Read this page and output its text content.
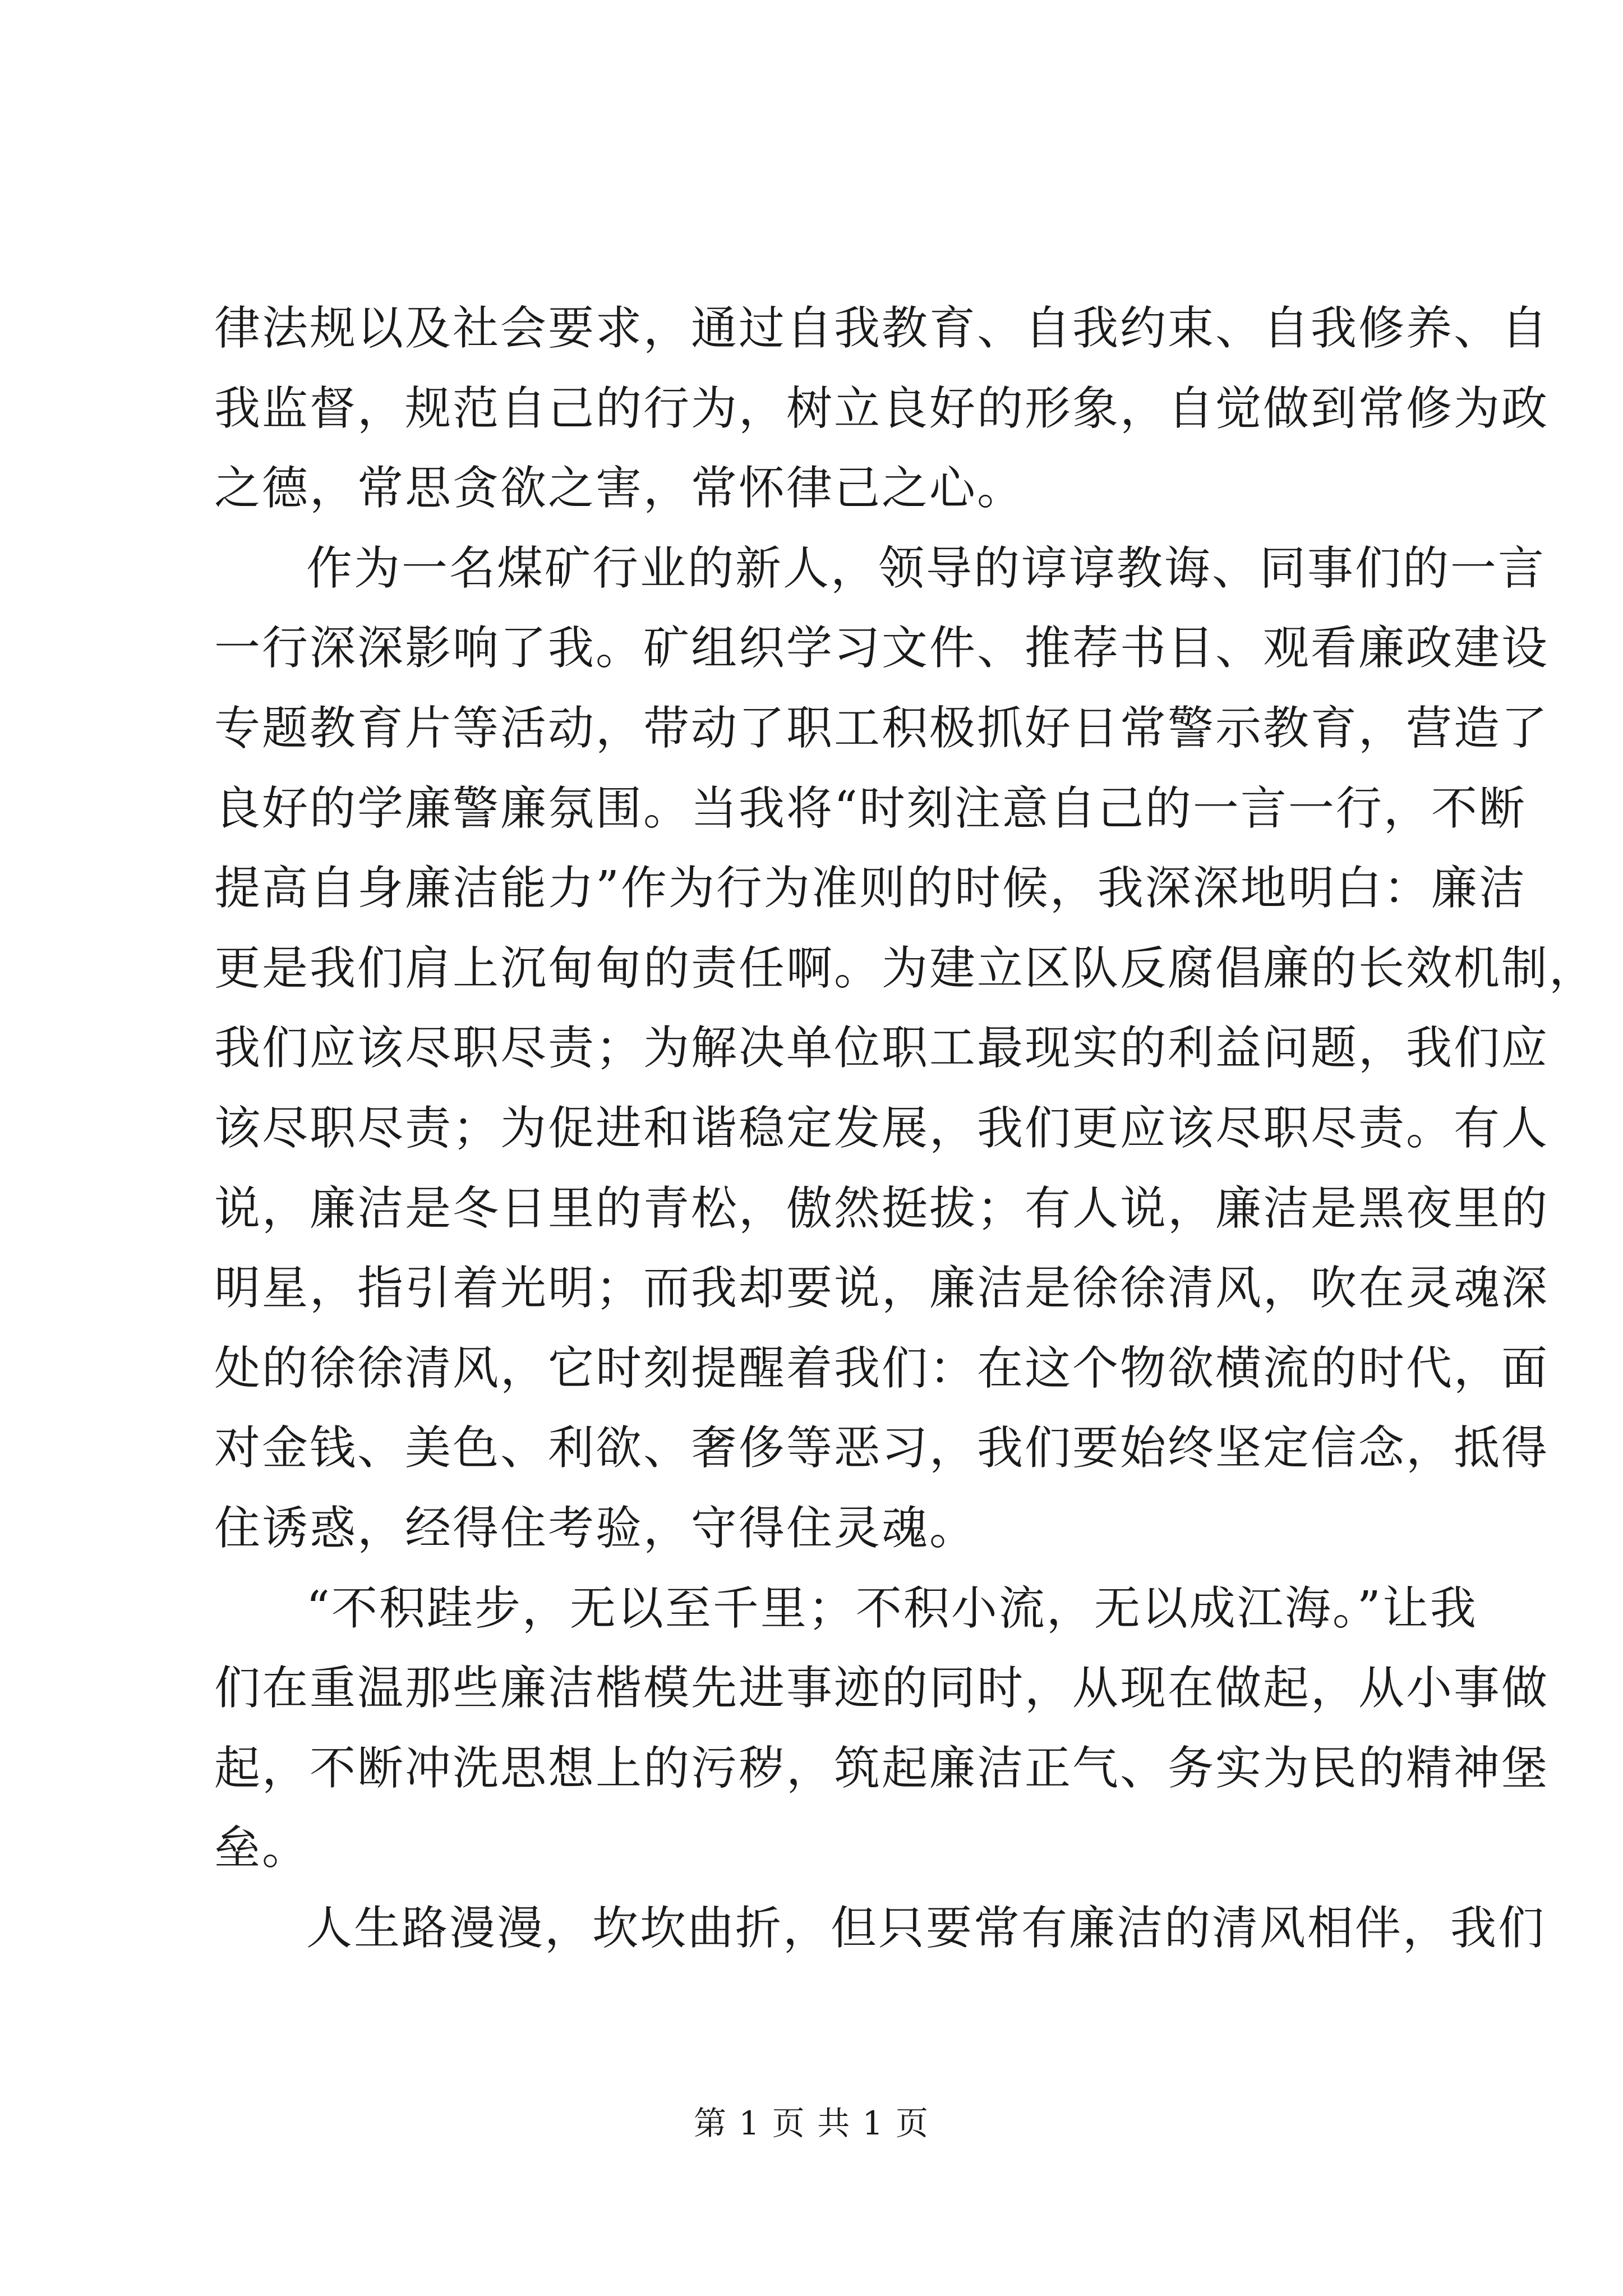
律法规以及社会要求，通过自我教育、自我约束、自我修养、自
我监督，规范自己的行为，树立良好的形象，自觉做到常修为政
之德，常思贪欲之害，常怀律己之心。
作为一名煤矿行业的新人，领导的谆谆教诲、同事们的一言
一行深深影响了我。矿组织学习文件、推荐书目、观看廉政建设
专题教育片等活动，带动了职工积极抓好日常警示教育，营造了
良好的学廉警廉氛围。当我将“时刻注意自己的一言一行，不断
提高自身廉洁能力”作为行为准则的时候，我深深地明白：廉洁
更是我们肩上沉甸甸的责任啊。为建立区队反腐倡廉的长效机制，
我们应该尽职尽责；为解决单位职工最现实的利益问题，我们应
该尽职尽责；为促进和谐稳定发展，我们更应该尽职尽责。有人
说，廉洁是冬日里的青松，傲然挺拔；有人说，廉洁是黑夜里的
明星，指引着光明；而我却要说，廉洁是徐徐清风，吹在灵魂深
处的徐徐清风，它时刻提醒着我们：在这个物欲横流的时代，面
对金钱、美色、利欲、奢侈等恶习，我们要始终坚定信念，抵得
住诱惑，经得住考验，守得住灵魂。
“不积跬步，无以至千里；不积小流，无以成江海。”让我
们在重温那些廉洁楷模先进事迹的同时，从现在做起，从小事做
起，不断冲洗思想上的污秽，筑起廉洁正气、务实为民的精神堡
垒。
人生路漫漫，坎坎曲折，但只要常有廉洁的清风相伴，我们
第 1 页 共 1 页
